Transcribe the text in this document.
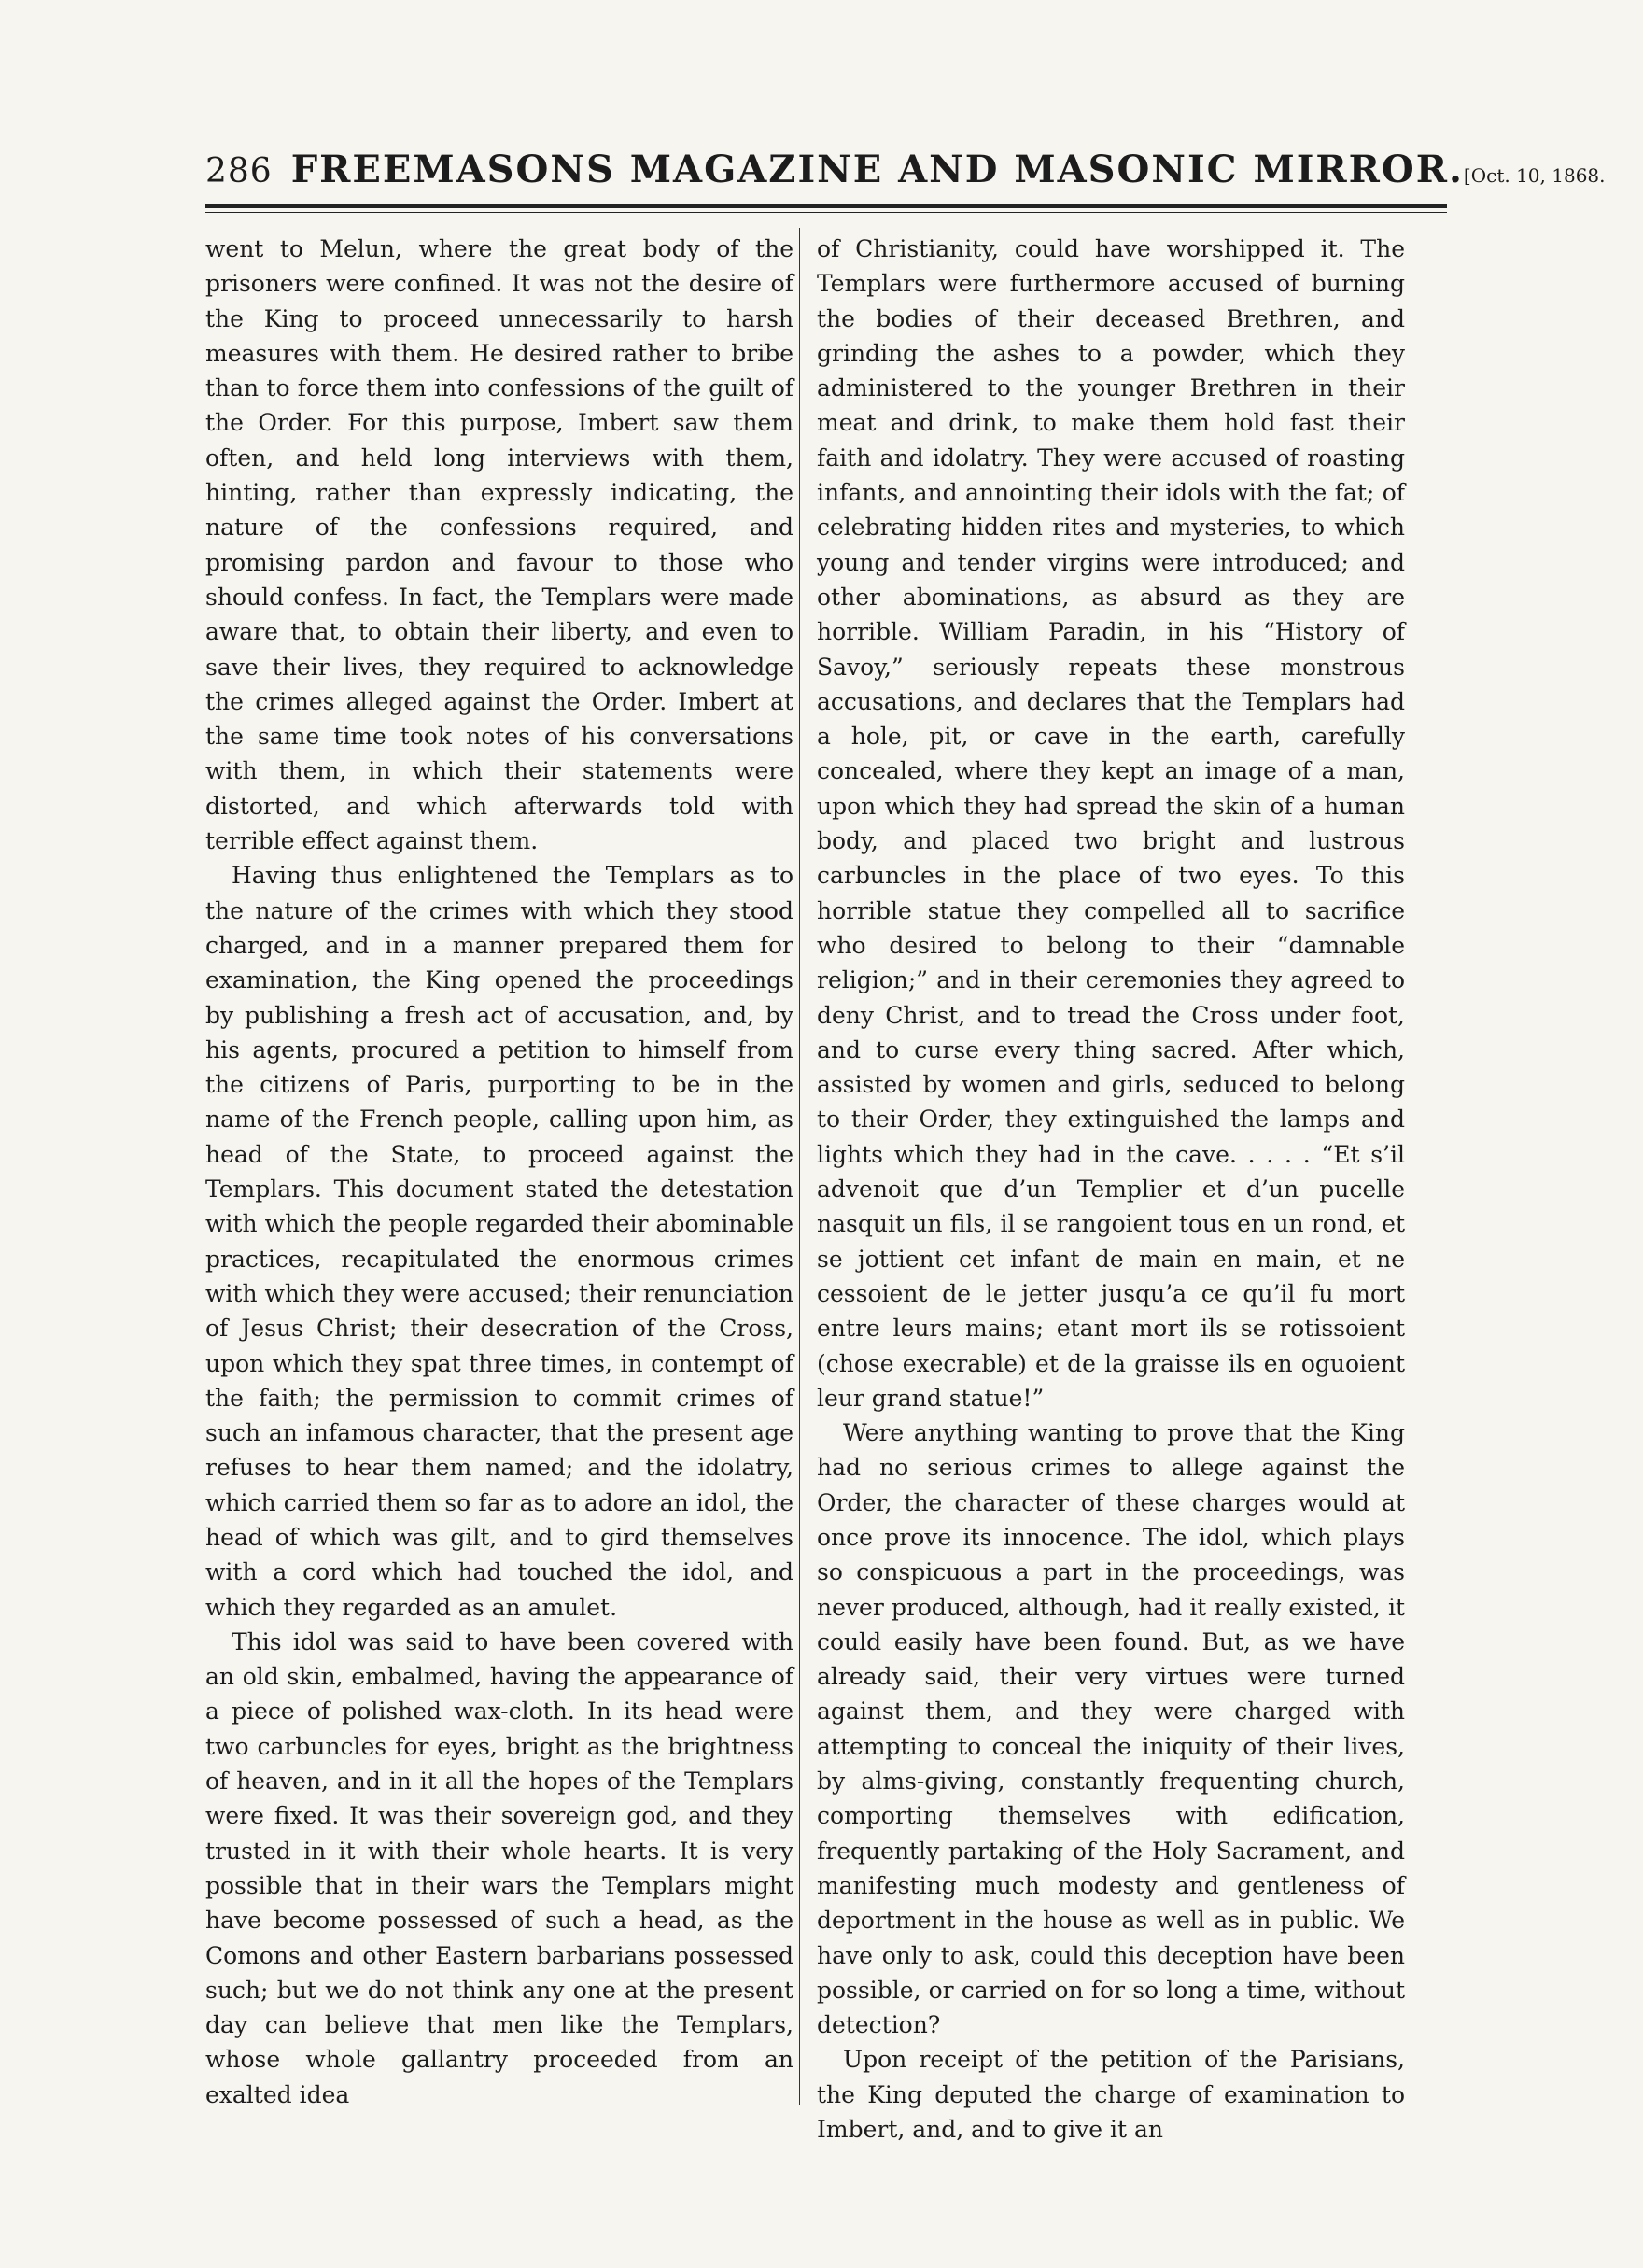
286 FREEMASONS MAGAZINE AND MASONIC MIRROR. [Oct. 10, 1868.

went to Melun, where the great body of the prisoners were confined. It was not the desire of the King to proceed unnecessarily to harsh measures with them. He desired rather to bribe than to force them into confessions of the guilt of the Order. For this purpose, Imbert saw them often, and held long interviews with them, hinting, rather than expressly indicating, the nature of the confessions required, and promising pardon and favour to those who should confess. In fact, the Templars were made aware that, to obtain their liberty, and even to save their lives, they required to acknowledge the crimes alleged against the Order. Imbert at the same time took notes of his conversations with them, in which their statements were distorted, and which afterwards told with terrible effect against them.

Having thus enlightened the Templars as to the nature of the crimes with which they stood charged, and in a manner prepared them for examination, the King opened the proceedings by publishing a fresh act of accusation, and, by his agents, procured a petition to himself from the citizens of Paris, purporting to be in the name of the French people, calling upon him, as head of the State, to proceed against the Templars. This document stated the detestation with which the people regarded their abominable practices, recapitulated the enormous crimes with which they were accused; their renunciation of Jesus Christ; their desecration of the Cross, upon which they spat three times, in contempt of the faith; the permission to commit crimes of such an infamous character, that the present age refuses to hear them named; and the idolatry, which carried them so far as to adore an idol, the head of which was gilt, and to gird themselves with a cord which had touched the idol, and which they regarded as an amulet.

This idol was said to have been covered with an old skin, embalmed, having the appearance of a piece of polished wax-cloth. In its head were two carbuncles for eyes, bright as the brightness of heaven, and in it all the hopes of the Templars were fixed. It was their sovereign god, and they trusted in it with their whole hearts. It is very possible that in their wars the Templars might have become possessed of such a head, as the Comons and other Eastern barbarians possessed such; but we do not think any one at the present day can believe that men like the Templars, whose whole gallantry proceeded from an exalted idea

of Christianity, could have worshipped it. The Templars were furthermore accused of burning the bodies of their deceased Brethren, and grinding the ashes to a powder, which they administered to the younger Brethren in their meat and drink, to make them hold fast their faith and idolatry. They were accused of roasting infants, and annointing their idols with the fat; of celebrating hidden rites and mysteries, to which young and tender virgins were introduced; and other abominations, as absurd as they are horrible. William Paradin, in his “History of Savoy,” seriously repeats these monstrous accusations, and declares that the Templars had a hole, pit, or cave in the earth, carefully concealed, where they kept an image of a man, upon which they had spread the skin of a human body, and placed two bright and lustrous carbuncles in the place of two eyes. To this horrible statue they compelled all to sacrifice who desired to belong to their “damnable religion;” and in their ceremonies they agreed to deny Christ, and to tread the Cross under foot, and to curse every thing sacred. After which, assisted by women and girls, seduced to belong to their Order, they extinguished the lamps and lights which they had in the cave. . . . . “Et s’il advenoit que d’un Templier et d’un pucelle nasquit un fils, il se rangoient tous en un rond, et se jottient cet infant de main en main, et ne cessoient de le jetter jusqu’a ce qu’il fu mort entre leurs mains; etant mort ils se rotissoient (chose execrable) et de la graisse ils en oguoient leur grand statue!”

Were anything wanting to prove that the King had no serious crimes to allege against the Order, the character of these charges would at once prove its innocence. The idol, which plays so conspicuous a part in the proceedings, was never produced, although, had it really existed, it could easily have been found. But, as we have already said, their very virtues were turned against them, and they were charged with attempting to conceal the iniquity of their lives, by alms-giving, constantly frequenting church, comporting themselves with edification, frequently partaking of the Holy Sacrament, and manifesting much modesty and gentleness of deportment in the house as well as in public. We have only to ask, could this deception have been possible, or carried on for so long a time, without detection?

Upon receipt of the petition of the Parisians, the King deputed the charge of examination to Imbert, and, and to give it an
